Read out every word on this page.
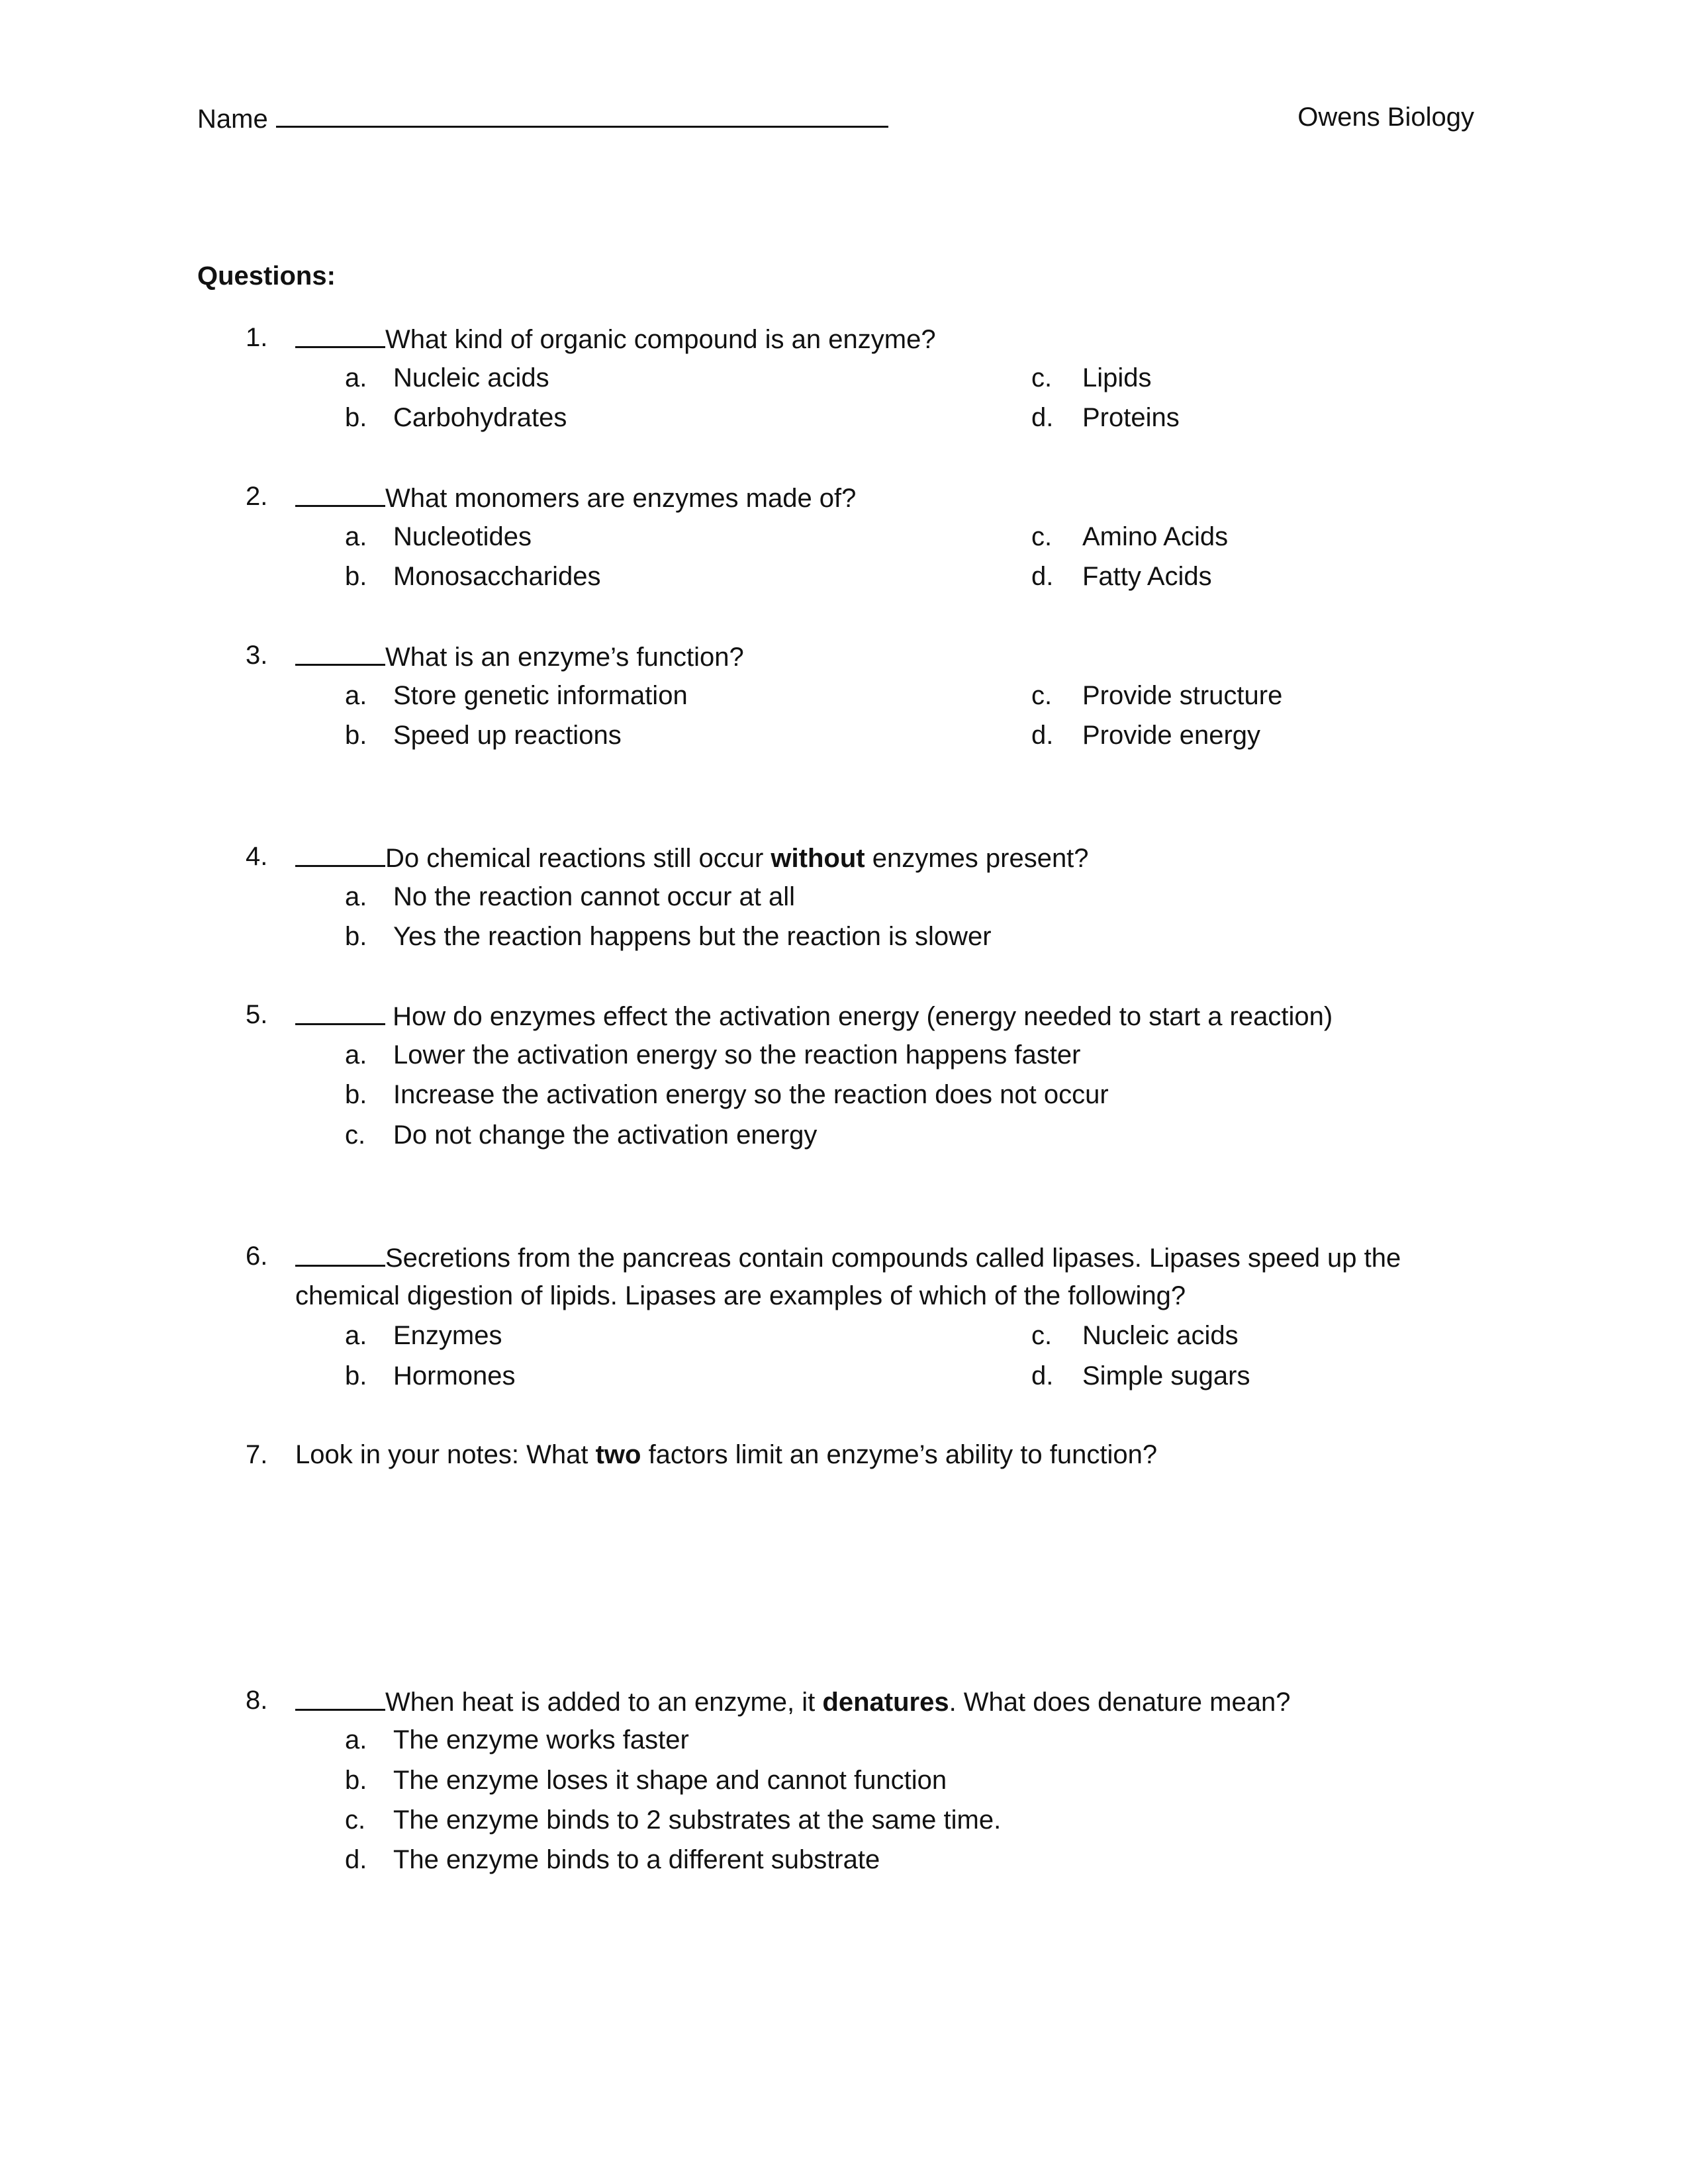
Name	Owens Biology
Questions:
1.	What kind of organic compound is an enzyme?
a. Nucleic acids
b. Carbohydrates
c. Lipids
d. Proteins
2.	What monomers are enzymes made of?
a. Nucleotides
b. Monosaccharides
c. Amino Acids
d. Fatty Acids
3.	What is an enzyme’s function?
a. Store genetic information
b. Speed up reactions
c. Provide structure
d. Provide energy
4.	Do chemical reactions still occur without enzymes present?
a. No the reaction cannot occur at all
b. Yes the reaction happens but the reaction is slower
5.	How do enzymes effect the activation energy (energy needed to start a reaction)
a. Lower the activation energy so the reaction happens faster
b. Increase the activation energy so the reaction does not occur
c. Do not change the activation energy
6.	Secretions from the pancreas contain compounds called lipases. Lipases speed up the
chemical digestion of lipids. Lipases are examples of which of the following?
a. Enzymes
b. Hormones
c. Nucleic acids
d. Simple sugars
7. Look in your notes: What two factors limit an enzyme’s ability to function?
8.	When heat is added to an enzyme, it denatures. What does denature mean?
a. The enzyme works faster
b. The enzyme loses it shape and cannot function
c. The enzyme binds to 2 substrates at the same time.
d. The enzyme binds to a different substrate
